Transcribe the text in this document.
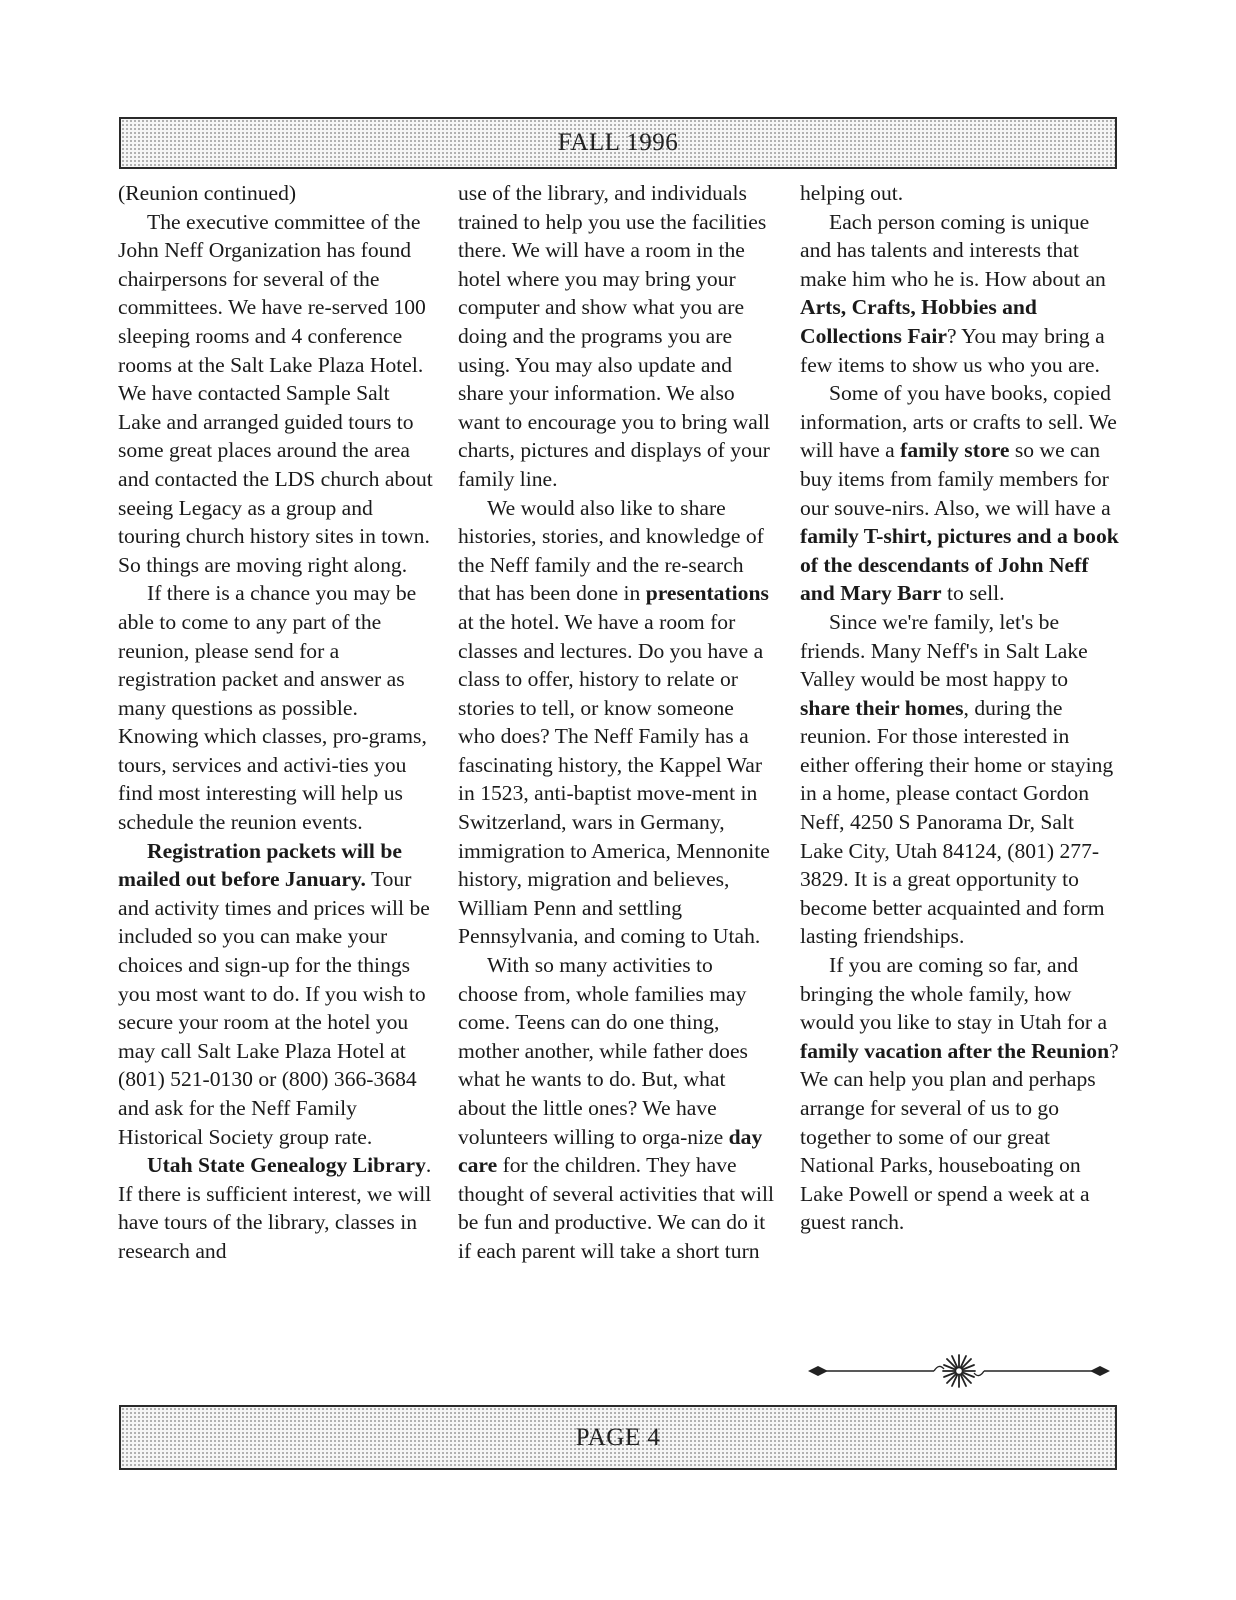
FALL 1996

(Reunion continued)

The executive committee of the John Neff Organization has found chairpersons for several of the committees. We have re-served 100 sleeping rooms and 4 conference rooms at the Salt Lake Plaza Hotel. We have contacted Sample Salt Lake and arranged guided tours to some great places around the area and contacted the LDS church about seeing Legacy as a group and touring church history sites in town. So things are moving right along.

If there is a chance you may be able to come to any part of the reunion, please send for a registration packet and answer as many questions as possible. Knowing which classes, pro-grams, tours, services and activi-ties you find most interesting will help us schedule the reunion events.

Registration packets will be mailed out before January. Tour and activity times and prices will be included so you can make your choices and sign-up for the things you most want to do. If you wish to secure your room at the hotel you may call Salt Lake Plaza Hotel at (801) 521-0130 or (800) 366-3684 and ask for the Neff Family Historical Society group rate.

Utah State Genealogy Library. If there is sufficient interest, we will have tours of the library, classes in research and

use of the library, and individuals trained to help you use the facilities there. We will have a room in the hotel where you may bring your computer and show what you are doing and the programs you are using. You may also update and share your information. We also want to encourage you to bring wall charts, pictures and displays of your family line.

We would also like to share histories, stories, and knowledge of the Neff family and the re-search that has been done in presentations at the hotel. We have a room for classes and lectures. Do you have a class to offer, history to relate or stories to tell, or know someone who does? The Neff Family has a fascinating history, the Kappel War in 1523, anti-baptist move-ment in Switzerland, wars in Germany, immigration to America, Mennonite history, migration and believes, William Penn and settling Pennsylvania, and coming to Utah.

With so many activities to choose from, whole families may come. Teens can do one thing, mother another, while father does what he wants to do. But, what about the little ones? We have volunteers willing to orga-nize day care for the children. They have thought of several activities that will be fun and productive. We can do it if each parent will take a short turn

helping out.

Each person coming is unique and has talents and interests that make him who he is. How about an Arts, Crafts, Hobbies and Collections Fair? You may bring a few items to show us who you are.

Some of you have books, copied information, arts or crafts to sell. We will have a family store so we can buy items from family members for our souve-nirs. Also, we will have a family T-shirt, pictures and a book of the descendants of John Neff and Mary Barr to sell.

Since we're family, let's be friends. Many Neff's in Salt Lake Valley would be most happy to share their homes, during the reunion. For those interested in either offering their home or staying in a home, please contact Gordon Neff, 4250 S Panorama Dr, Salt Lake City, Utah 84124, (801) 277-3829. It is a great opportunity to become better acquainted and form lasting friendships.

If you are coming so far, and bringing the whole family, how would you like to stay in Utah for a family vacation after the Reunion? We can help you plan and perhaps arrange for several of us to go together to some of our great National Parks, houseboating on Lake Powell or spend a week at a guest ranch.

PAGE 4
